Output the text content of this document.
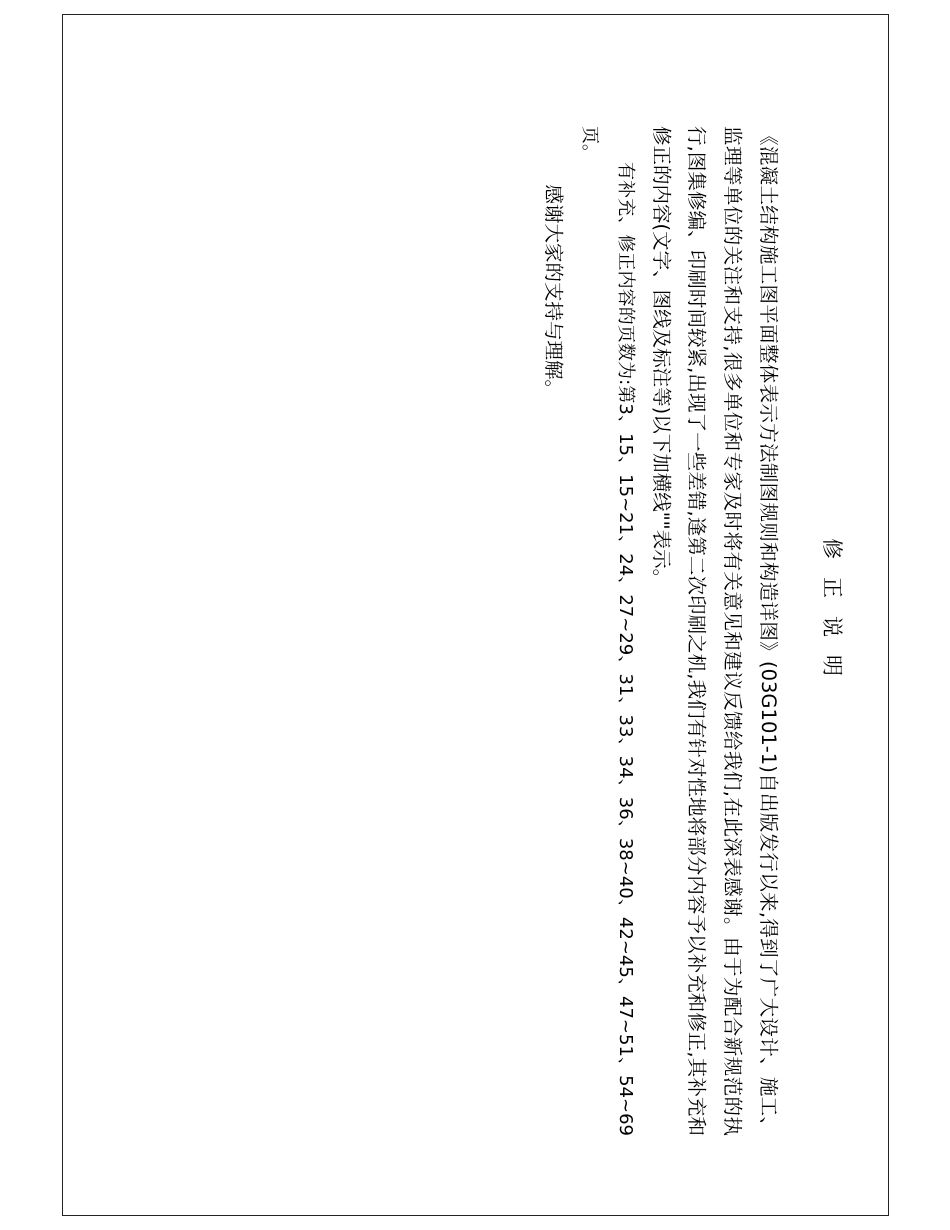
修正说明

《混凝土结构施工图平面整体表示方法制图规则和构造详图》(03G101-1)自出版发行以来,得到了广大设计、施工、监理等单位的关注和支持,很多单位和专家及时将有关意见和建议反馈给我们,在此深表感谢。由于为配合新规范的执行,图集修编、印刷时间较紧,出现了一些差错,逢第二次印刷之机,我们有针对性地将部分内容予以补充和修正,其补充和修正的内容(文字、图线及标注等)以下加横线""表示。

有补充、修正内容的页数为:第3、15、15~21、24、27~29、31、33、34、36、38~40、42~45、47~51、54~69页。

感谢大家的支持与理解。
